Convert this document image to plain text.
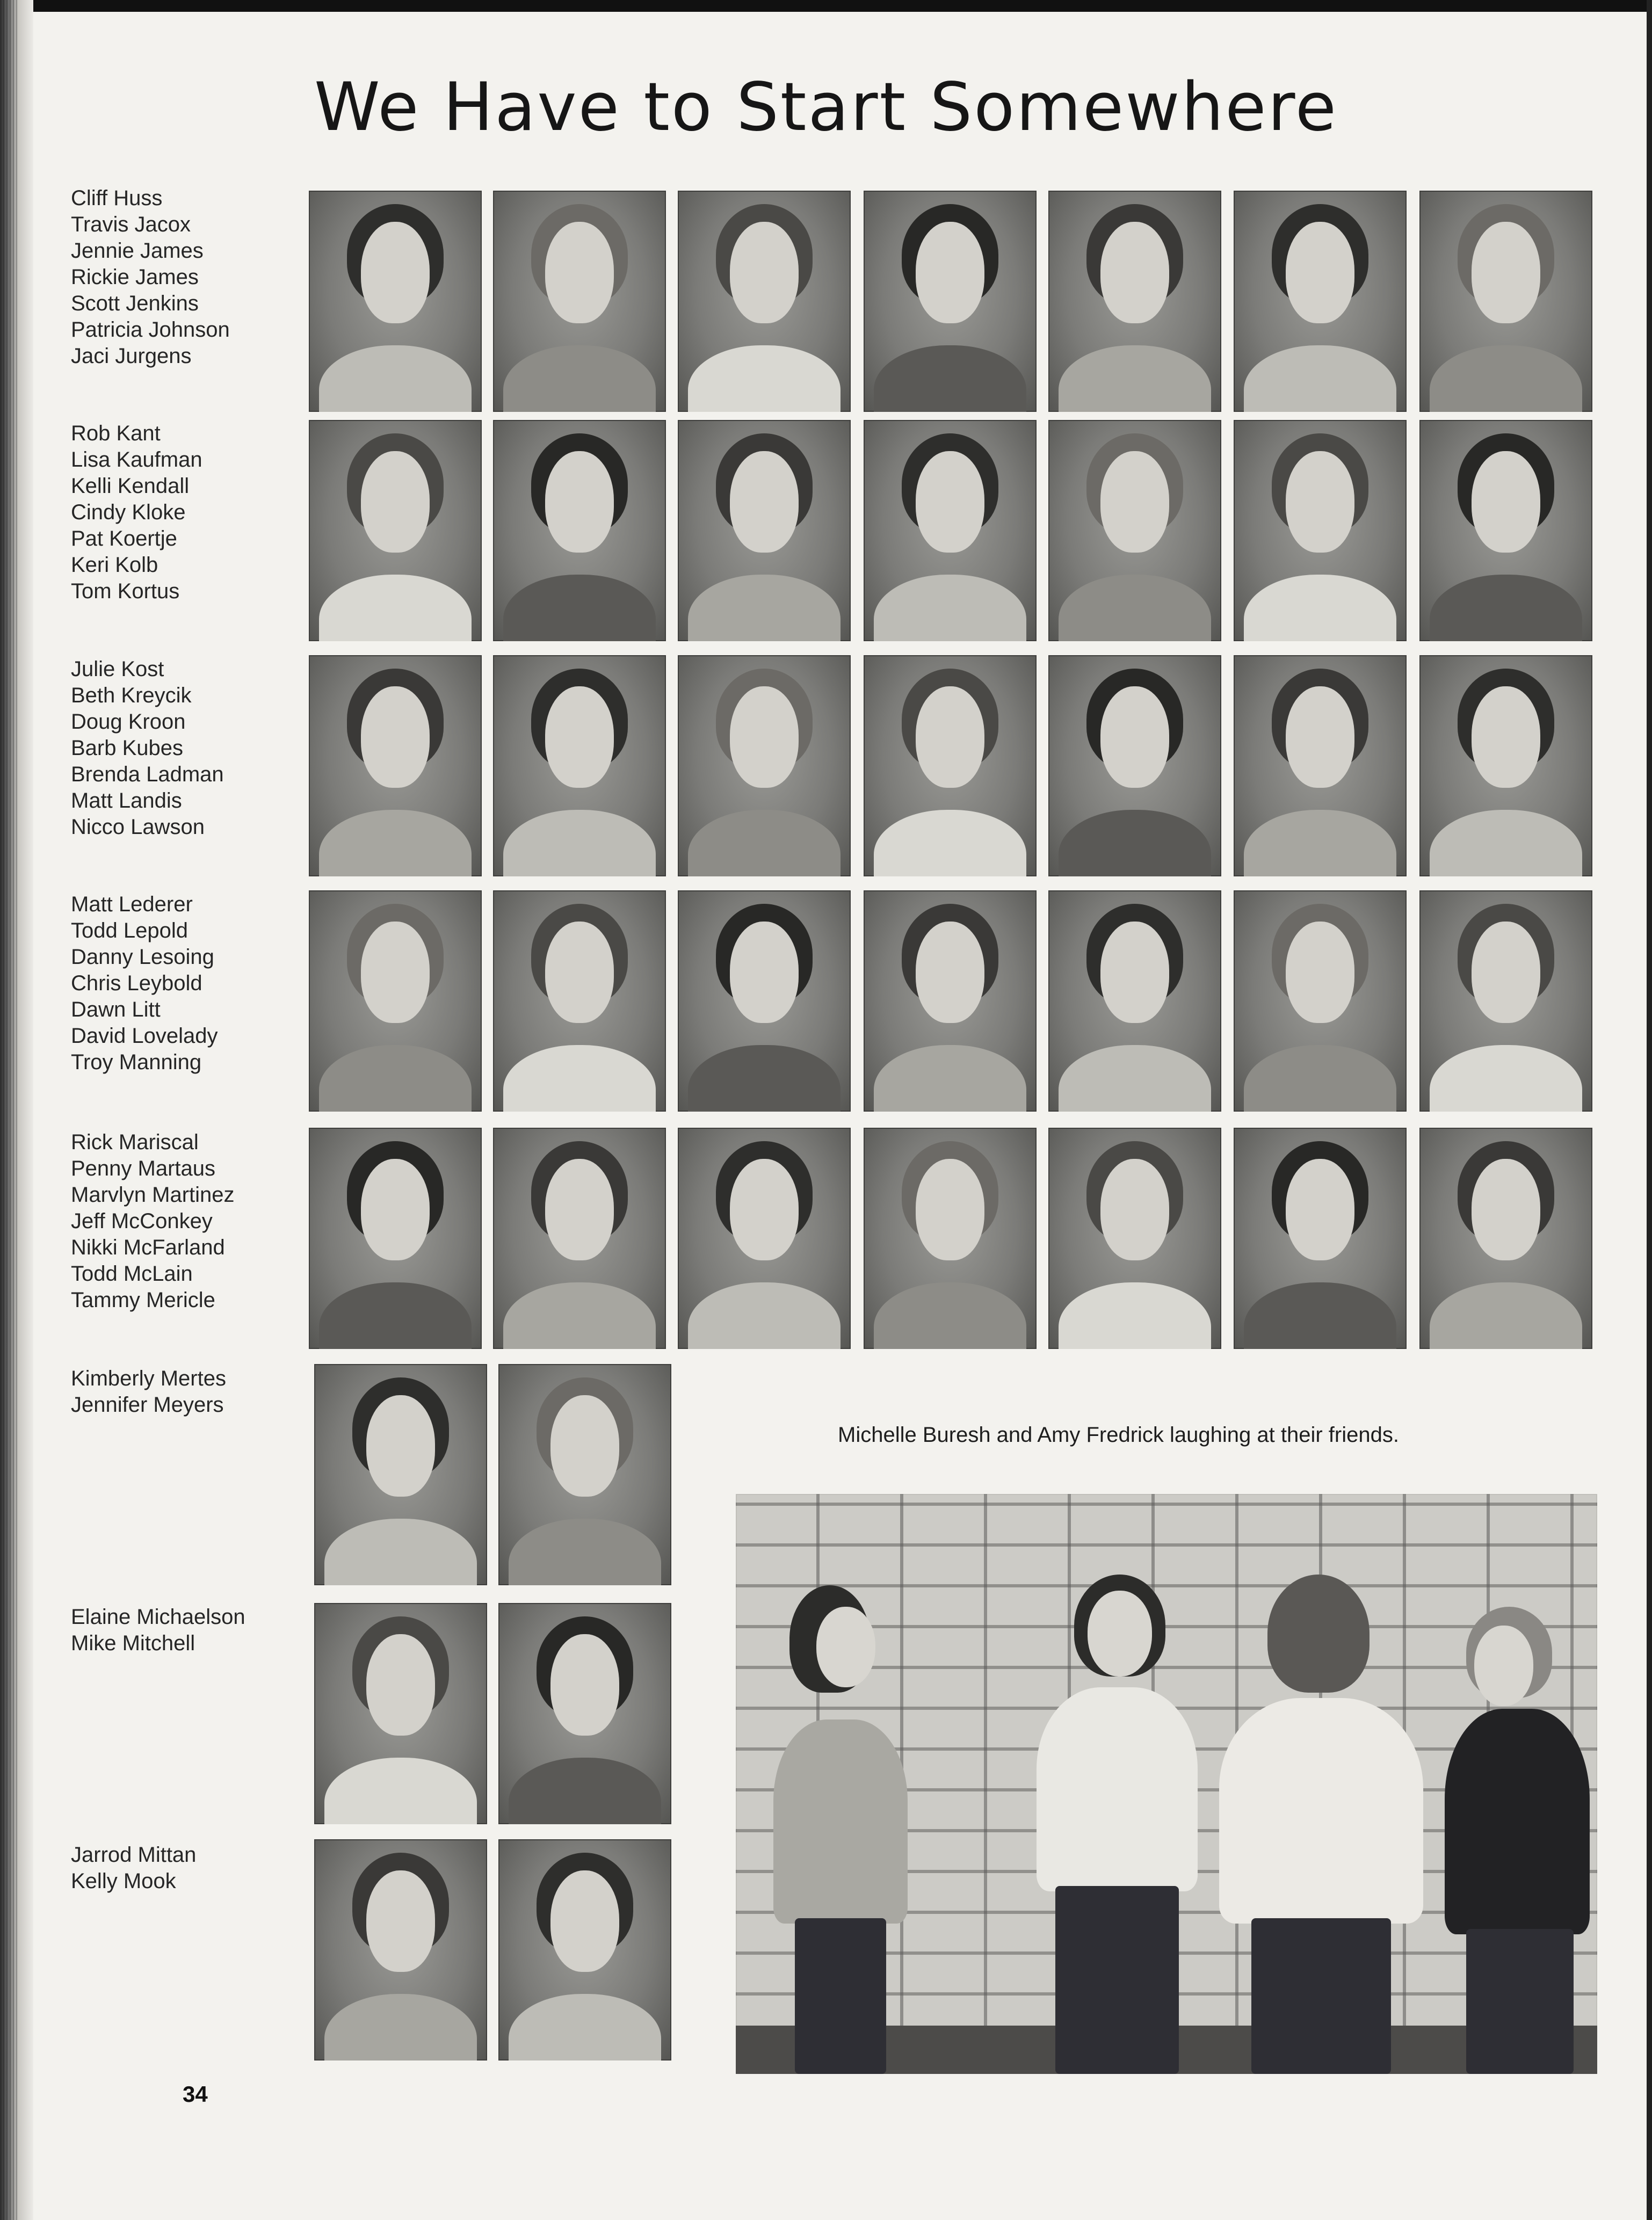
We Have to Start Somewhere
Cliff Huss
Travis Jacox
Jennie James
Rickie James
Scott Jenkins
Patricia Johnson
Jaci Jurgens
Rob Kant
Lisa Kaufman
Kelli Kendall
Cindy Kloke
Pat Koertje
Keri Kolb
Tom Kortus
Julie Kost
Beth Kreycik
Doug Kroon
Barb Kubes
Brenda Ladman
Matt Landis
Nicco Lawson
Matt Lederer
Todd Lepold
Danny Lesoing
Chris Leybold
Dawn Litt
David Lovelady
Troy Manning
Rick Mariscal
Penny Martaus
Marvlyn Martinez
Jeff McConkey
Nikki McFarland
Todd McLain
Tammy Mericle
Kimberly Mertes
Jennifer Meyers
Elaine Michaelson
Mike Mitchell
Jarrod Mittan
Kelly Mook
Michelle Buresh and Amy Fredrick laughing at their friends.
34
